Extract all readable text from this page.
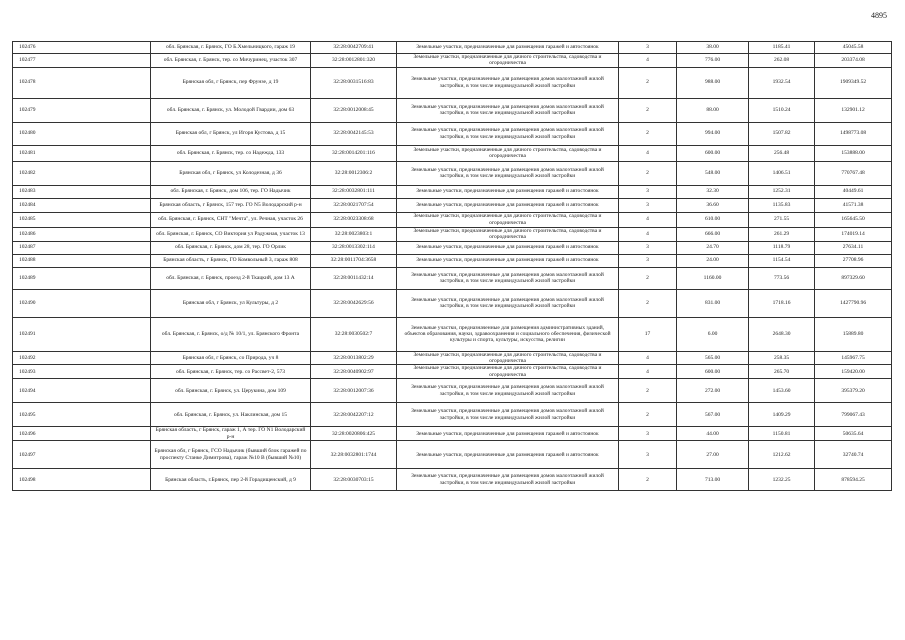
4895
102476	обл. Брянская, г. Брянск, ГО Б.Хмельницкого, гараж 19	32:28:0042709:41	Земельные участки, предназначенные для размещения гаражей и автостоянок	3	38.00	1185.41	45045.58
102477	обл. Брянская, г. Брянск, тер. со Мичуринец, участок 307	32:28:0012801:320	Земельные участки, предназначенные для дачного строительства, садоводства и огородничества	4	776.00	262.08	203374.08
102478	Брянская обл, г Брянск, пер Фрунзе, д 19	32:28:0031516:83	Земельные участки, предназначенные для размещения домов малоэтажной жилой застройки, в том числе индивидуальной жилой застройки	2	988.00	1932.54	1909349.52
102479	обл. Брянская, г. Брянск, ул. Молодой Гвардии, дом 63	32:28:0012008:45	Земельные участки, предназначенные для размещения домов малоэтажной жилой застройки, в том числе индивидуальной жилой застройки	2	88.00	1510.24	132901.12
102480	Брянская обл, г Брянск, ул Игоря Кустова, д 15	32:28:0042145:53	Земельные участки, предназначенные для размещения домов малоэтажной жилой застройки, в том числе индивидуальной жилой застройки	2	994.00	1507.82	1498773.08
102481	обл. Брянская, г. Брянск, тер. со Надежда, 133	32:28:0014201:116	Земельные участки, предназначенные для дачного строительства, садоводства и огородничества	4	600.00	256.48	153888.00
102482	Брянская обл, г Брянск, ул Колодезная, д 36	32:28:0012306:2	Земельные участки, предназначенные для размещения домов малоэтажной жилой застройки, в том числе индивидуальной жилой застройки	2	548.00	1406.51	770767.48
102483	обл. Брянская, г. Брянск, дом 106, тер. ГО Надычик	32:28:0032801:111	Земельные участки, предназначенные для размещения гаражей и автостоянок	3	32.30	1252.31	40449.61
102484	Брянская область, г Брянск, 157 тер. ГО N5 Володарский р-н	32:28:0021707:54	Земельные участки, предназначенные для размещения гаражей и автостоянок	3	36.60	1135.83	41571.38
102485	обл. Брянская, г. Брянск, СНТ "Мечта", ул. Речная, участок 26	32:28:0023308:68	Земельные участки, предназначенные для дачного строительства, садоводства и огородничества	4	610.00	271.55	165645.50
102486	обл. Брянская, г. Брянск, СО Виктория ул Радужная, участок 13	32:28:0023803:1	Земельные участки, предназначенные для дачного строительства, садоводства и огородничества	4	666.00	261.29	174019.14
102487	обл. Брянская, г. Брянск, дом 28, тер. ГО Орлик	32:28:0013302:114	Земельные участки, предназначенные для размещения гаражей и автостоянок	3	24.70	1118.79	27634.11
102488	Брянская область, г Брянск, ГО Комвольный 3, гараж 808	32:28:0011704:3658	Земельные участки, предназначенные для размещения гаражей и автостоянок	3	24.00	1154.54	27708.96
102489	обл. Брянская, г. Брянск, проезд 2-й Ткацкий, дом 13 А	32:28:0011432:14	Земельные участки, предназначенные для размещения домов малоэтажной жилой застройки, в том числе индивидуальной жилой застройки	2	1160.00	773.56	897329.60
102490	Брянская обл, г Брянск, ул Культуры, д 2	32:28:0042629:56	Земельные участки, предназначенные для размещения домов малоэтажной жилой застройки, в том числе индивидуальной жилой застройки	2	831.00	1718.16	1427790.96
102491	обл. Брянская, г. Брянск, о/д № 10/1, ул. Брянского Фронта	32:28:0030502:7	Земельные участки, предназначенные для размещения административных зданий, объектов образования, науки, здравоохранения и социального обеспечения, физической культуры и спорта, культуры, искусства, религии	17	6.00	2648.30	15889.80
102492	Брянская обл, г Брянск, со Природа, уч 8	32:28:0013802:29	Земельные участки, предназначенные для дачного строительства, садоводства и огородничества	4	565.00	258.35	145967.75
102493	обл. Брянская, г. Брянск, тер. со Рассвет-2, 573	32:28:0040902:97	Земельные участки, предназначенные для дачного строительства, садоводства и огородничества	4	600.00	265.70	159420.00
102494	обл. Брянская, г. Брянск, ул. Церукина, дом 109	32:28:0012007:36	Земельные участки, предназначенные для размещения домов малоэтажной жилой застройки, в том числе индивидуальной жилой застройки	2	272.00	1453.60	395379.20
102495	обл. Брянская, г. Брянск, ул. Наклинская, дом 15	32:28:0042207:12	Земельные участки, предназначенные для размещения домов малоэтажной жилой застройки, в том числе индивидуальной жилой застройки	2	567.00	1409.29	799067.43
102496	Брянская область, г Брянск, гараж 1, А тер. ГО N1 Володарский р-н	32:28:0020806:425	Земельные участки, предназначенные для размещения гаражей и автостоянок	3	44.00	1150.81	50635.64
102497	Брянская обл, г Брянск, ГСО Надычик (бывший блок гаражей по проспекту Станке Димитрова), гараж №10 В (бывший №10)	32:28:0032801:1744	Земельные участки, предназначенные для размещения гаражей и автостоянок	3	27.00	1212.62	32740.74
102498	Брянская область, г.Брянск, пер 2-й Горадищенский, д 9	32:28:0030703:15	Земельные участки, предназначенные для размещения домов малоэтажной жилой застройки, в том числе индивидуальной жилой застройки	2	713.00	1232.25	878594.25
